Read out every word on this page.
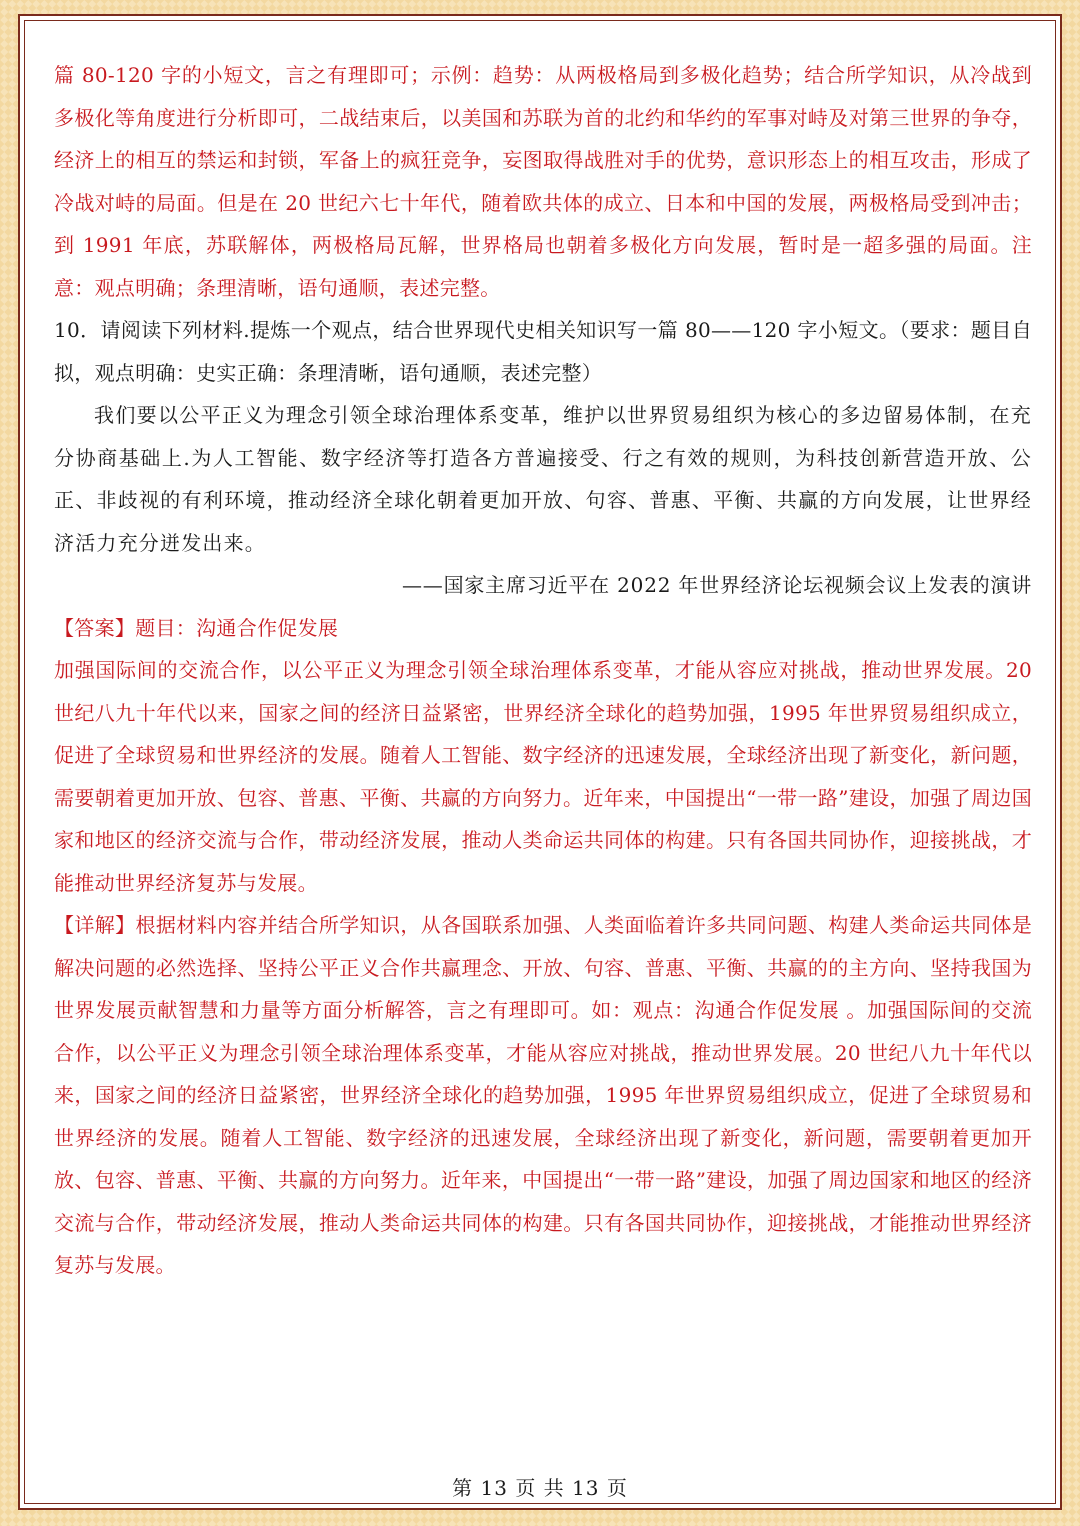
篇 80-120 字的小短文，言之有理即可；示例：趋势：从两极格局到多极化趋势；结合所学知识，从冷战到多极化等角度进行分析即可，二战结束后，以美国和苏联为首的北约和华约的军事对峙及对第三世界的争夺，经济上的相互的禁运和封锁，军备上的疯狂竞争，妄图取得战胜对手的优势，意识形态上的相互攻击，形成了冷战对峙的局面。但是在 20 世纪六七十年代，随着欧共体的成立、日本和中国的发展，两极格局受到冲击；到 1991 年底，苏联解体，两极格局瓦解，世界格局也朝着多极化方向发展，暂时是一超多强的局面。注意：观点明确；条理清晰，语句通顺，表述完整。

10．请阅读下列材料.提炼一个观点，结合世界现代史相关知识写一篇 80——120 字小短文。（要求：题目自拟，观点明确：史实正确：条理清晰，语句通顺，表述完整）

我们要以公平正义为理念引领全球治理体系变革，维护以世界贸易组织为核心的多边留易体制，在充分协商基础上.为人工智能、数字经济等打造各方普遍接受、行之有效的规则，为科技创新营造开放、公正、非歧视的有利环境，推动经济全球化朝着更加开放、句容、普惠、平衡、共赢的方向发展，让世界经济活力充分迸发出来。

——国家主席习近平在 2022 年世界经济论坛视频会议上发表的演讲

【答案】题目：沟通合作促发展

加强国际间的交流合作，以公平正义为理念引领全球治理体系变革，才能从容应对挑战，推动世界发展。20 世纪八九十年代以来，国家之间的经济日益紧密，世界经济全球化的趋势加强，1995 年世界贸易组织成立，促进了全球贸易和世界经济的发展。随着人工智能、数字经济的迅速发展，全球经济出现了新变化，新问题，需要朝着更加开放、包容、普惠、平衡、共赢的方向努力。近年来，中国提出“一带一路”建设，加强了周边国家和地区的经济交流与合作，带动经济发展，推动人类命运共同体的构建。只有各国共同协作，迎接挑战，才能推动世界经济复苏与发展。

【详解】根据材料内容并结合所学知识，从各国联系加强、人类面临着许多共同问题、构建人类命运共同体是解决问题的必然选择、坚持公平正义合作共赢理念、开放、句容、普惠、平衡、共赢的的主方向、坚持我国为世界发展贡献智慧和力量等方面分析解答，言之有理即可。如：观点：沟通合作促发展 。加强国际间的交流合作，以公平正义为理念引领全球治理体系变革，才能从容应对挑战，推动世界发展。20 世纪八九十年代以来，国家之间的经济日益紧密，世界经济全球化的趋势加强，1995 年世界贸易组织成立，促进了全球贸易和世界经济的发展。随着人工智能、数字经济的迅速发展，全球经济出现了新变化，新问题，需要朝着更加开放、包容、普惠、平衡、共赢的方向努力。近年来，中国提出“一带一路”建设，加强了周边国家和地区的经济交流与合作，带动经济发展，推动人类命运共同体的构建。只有各国共同协作，迎接挑战，才能推动世界经济复苏与发展。

第 13 页 共 13 页
